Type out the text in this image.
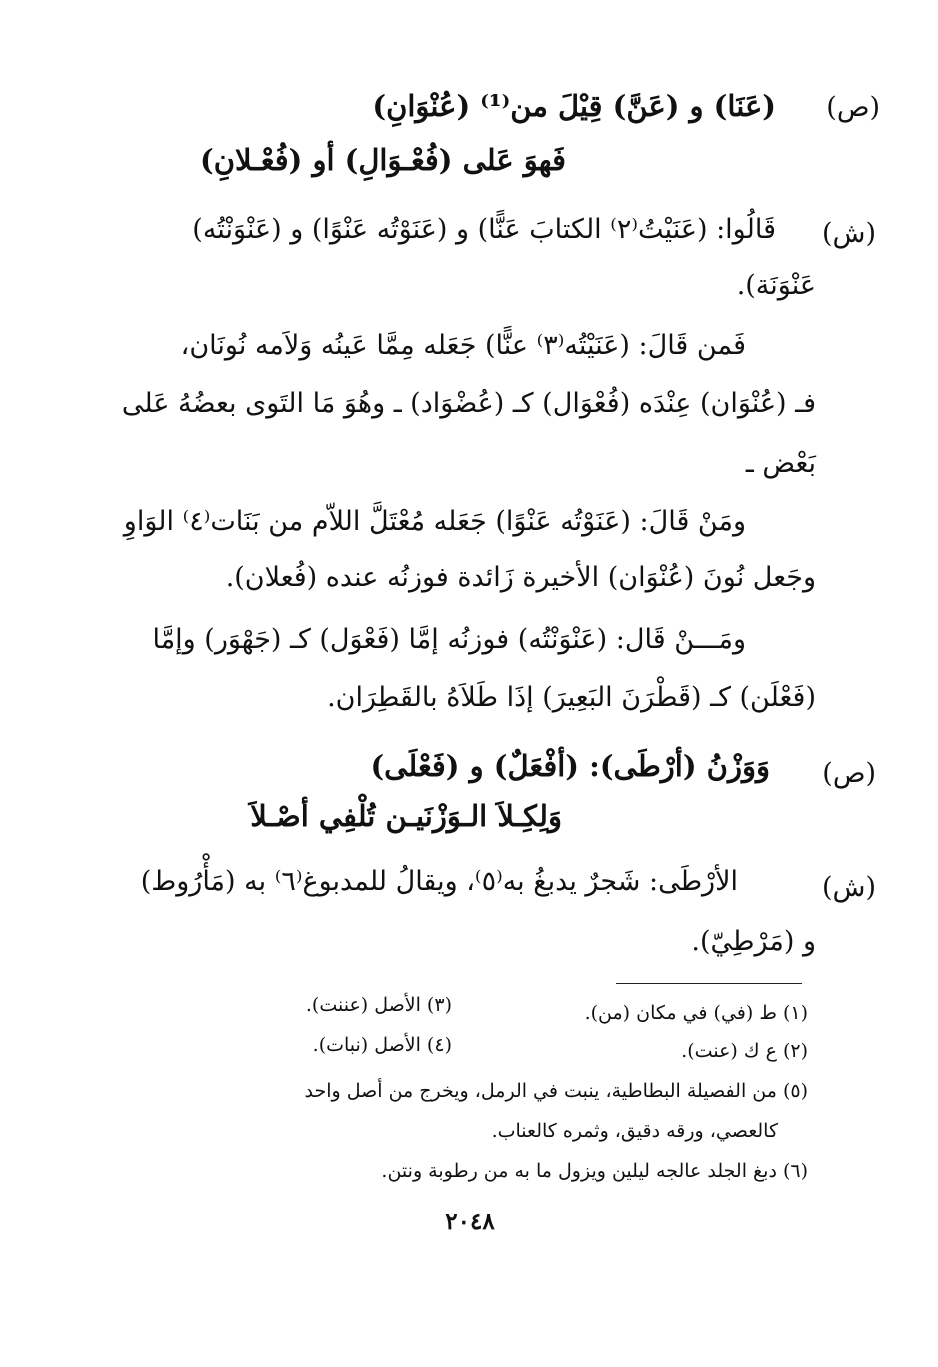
(ص)
(عَنَا) و (عَنَّ) قِيْلَ من⁽¹⁾ (عُنْوَانِ)
فَهوَ عَلى (فُعْـوَالِ) أو (فُعْـلانِ)
(ش)
قَالُوا: (عَنَيْتُ⁽٢⁾ الكتابَ عَنًّا) و (عَنَوْتُه عَنْوًا) و (عَنْوَنْتُه)
عَنْوَنَة).
فَمن قَالَ: (عَنَيْتُه⁽٣⁾ عنًّا) جَعَله مِمَّا عَينُه وَلاَمه نُونَان،
فـ (عُنْوَان) عِنْدَه (فُعْوَال) كـ (عُضْوَاد) ـ وهُوَ مَا التَوى بعضُهُ عَلى
بَعْض ـ
ومَنْ قَالَ: (عَنَوْتُه عَنْوًا) جَعَله مُعْتَلَّ اللاّم من بَنَات⁽٤⁾ الوَاوِ
وجَعل نُونَ (عُنْوَان) الأخيرة زَائدة فوزنُه عنده (فُعلان).
ومَـــنْ قَال: (عَنْوَنْتُه) فوزنُه إمَّا (فَعْوَل) كـ (جَهْوَر) وإمَّا
(فَعْلَن) كـ (قَطْرَنَ البَعِيرَ) إذَا طَلاَهُ بالقَطِرَان.
(ص)
وَوَزْنُ (أرْطَى): (أفْعَلٌ) و (فَعْلَى)
وَلِكِـلاَ الـوَزْنَيـن تُلْفِي أصْـلاَ
(ش)
الأرْطَى: شَجرٌ يدبغُ به⁽٥⁾، ويقالُ للمدبوغ⁽٦⁾ به (مَأْرُوط)
و (مَرْطِيّ).
(١) ط (في) في مكان (من).
(٣) الأصل (عننت).
(٢) ع ك (عنت).
(٤) الأصل (نبات).
(٥) من الفصيلة البطاطية، ينبت في الرمل، ويخرج من أصل واحد
كالعصي، ورقه دقيق، وثمره كالعناب.
(٦) دبغ الجلد عالجه ليلين ويزول ما به من رطوبة ونتن.
٢٠٤٨
